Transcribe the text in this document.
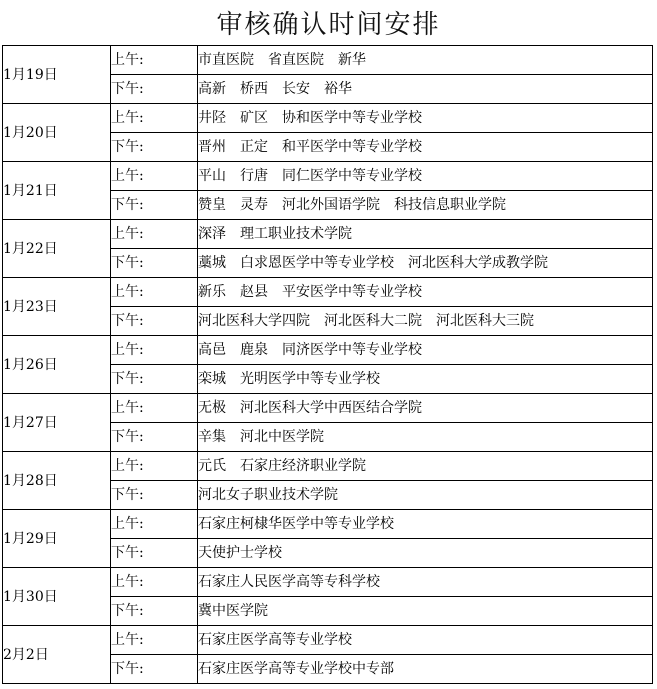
审核确认时间安排
1月19日	上午:	市直医院　省直医院　新华
	下午:	高新　桥西　长安　裕华
1月20日	上午:	井陉　矿区　协和医学中等专业学校
	下午:	晋州　正定　和平医学中等专业学校
1月21日	上午:	平山　行唐　同仁医学中等专业学校
	下午:	赞皇　灵寿　河北外国语学院　科技信息职业学院
1月22日	上午:	深泽　理工职业技术学院
	下午:	藁城　白求恩医学中等专业学校　河北医科大学成教学院
1月23日	上午:	新乐　赵县　平安医学中等专业学校
	下午:	河北医科大学四院　河北医科大二院　河北医科大三院
1月26日	上午:	高邑　鹿泉　同济医学中等专业学校
	下午:	栾城　光明医学中等专业学校
1月27日	上午:	无极　河北医科大学中西医结合学院
	下午:	辛集　河北中医学院
1月28日	上午:	元氏　石家庄经济职业学院
	下午:	河北女子职业技术学院
1月29日	上午:	石家庄柯棣华医学中等专业学校
	下午:	天使护士学校
1月30日	上午:	石家庄人民医学高等专科学校
	下午:	冀中医学院
2月2日	上午:	石家庄医学高等专业学校
	下午:	石家庄医学高等专业学校中专部
